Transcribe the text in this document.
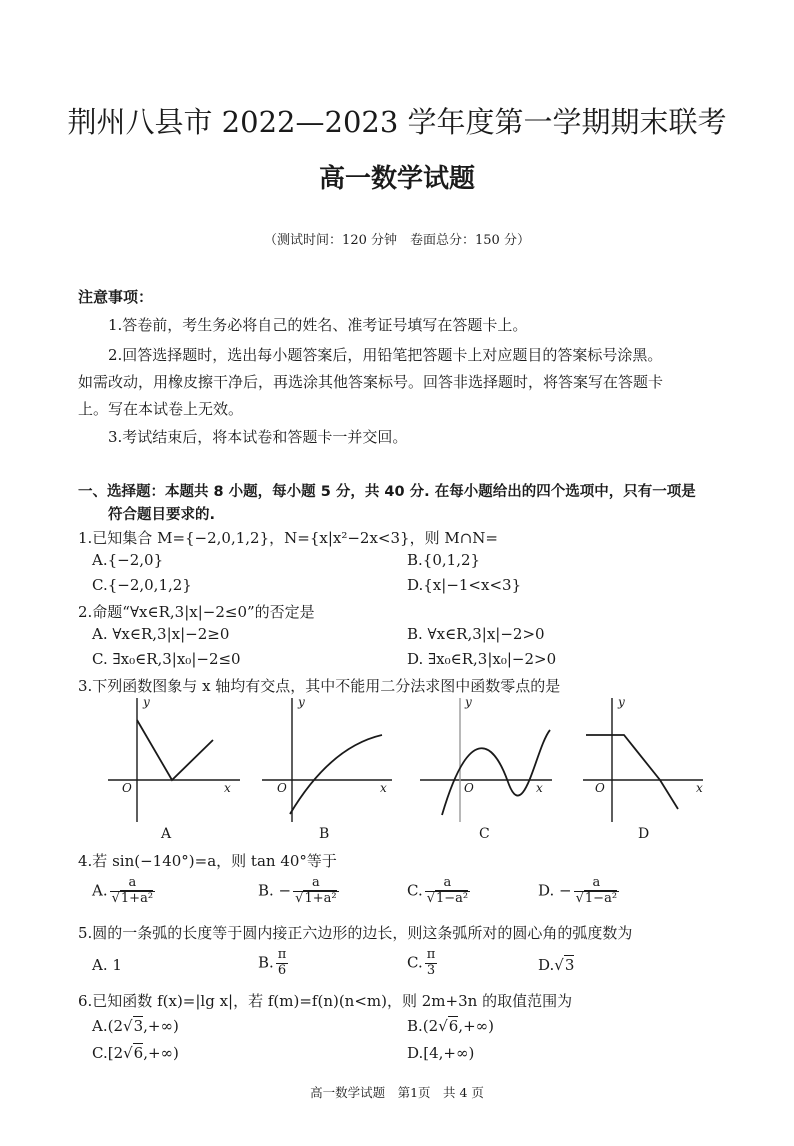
荆州八县市 2022—2023 学年度第一学期期末联考
高一数学试题
（测试时间：120 分钟　卷面总分：150 分）
注意事项：
1.答卷前，考生务必将自己的姓名、准考证号填写在答题卡上。
2.回答选择题时，选出每小题答案后，用铅笔把答题卡上对应题目的答案标号涂黑。
如需改动，用橡皮擦干净后，再选涂其他答案标号。回答非选择题时，将答案写在答题卡
上。写在本试卷上无效。
3.考试结束后，将本试卷和答题卡一并交回。
一、选择题：本题共 8 小题，每小题 5 分，共 40 分. 在每小题给出的四个选项中，只有一项是
符合题目要求的.
1.已知集合 M={−2,0,1,2}，N={x|x²−2x<3}，则 M∩N=
A.{−2,0}	B.{0,1,2}
C.{−2,0,1,2}	D.{x|−1<x<3}
2.命题“∀x∈R,3|x|−2≤0”的否定是
A. ∀x∈R,3|x|−2≥0	B. ∀x∈R,3|x|−2>0
C. ∃x₀∈R,3|x₀|−2≤0	D. ∃x₀∈R,3|x₀|−2>0
3.下列函数图象与 x 轴均有交点，其中不能用二分法求图中函数零点的是
y
x
O
y
x
O
y
x
O
y
x
O
A	B	C	D
4.若 sin(−140°)=a，则 tan 40°等于
A. $\frac{a}{\text{√1+a²}}$	B. − $\frac{a}{\text{√1+a²}}$	C. $\frac{a}{\text{√1−a²}}$	D. − $\frac{a}{\text{√1−a²}}$
5.圆的一条弧的长度等于圆内接正六边形的边长，则这条弧所对的圆心角的弧度数为
A. 1	B. $\frac{\pi}{6}$	C. $\frac{\pi}{3}$	D.√3
6.已知函数 f(x)=|lg x|，若 f(m)=f(n)(n<m)，则 2m+3n 的取值范围为
A.(2√3,+∞)	B.(2√6,+∞)
C.[2√6,+∞)	D.[4,+∞)
高一数学试题　第1页　共 4 页
